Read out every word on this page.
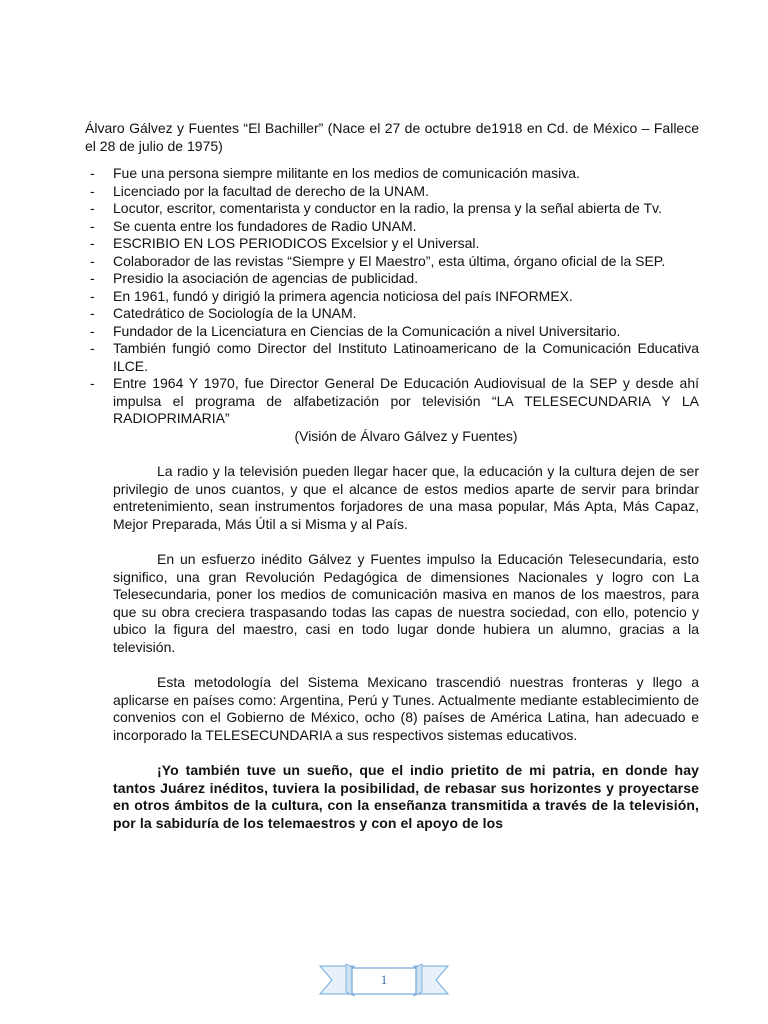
Álvaro Gálvez y Fuentes “El Bachiller” (Nace el 27 de octubre de1918 en Cd. de México – Fallece el 28 de julio de 1975)

- Fue una persona siempre militante en los medios de comunicación masiva.
- Licenciado por la facultad de derecho de la UNAM.
- Locutor, escritor, comentarista y conductor en la radio, la prensa y la señal abierta de Tv.
- Se cuenta entre los fundadores de Radio UNAM.
- ESCRIBIO EN LOS PERIODICOS Excelsior y el Universal.
- Colaborador de las revistas “Siempre y El Maestro”, esta última, órgano oficial de la SEP.
- Presidio la asociación de agencias de publicidad.
- En 1961, fundó y dirigió la primera agencia noticiosa del país INFORMEX.
- Catedrático de Sociología de la UNAM.
- Fundador de la Licenciatura en Ciencias de la Comunicación a nivel Universitario.
- También fungió como Director del Instituto Latinoamericano de la Comunicación Educativa ILCE.
- Entre 1964 Y 1970, fue Director General De Educación Audiovisual de la SEP y desde ahí impulsa el programa de alfabetización por televisión “LA TELESECUNDARIA Y LA RADIOPRIMARIA”

(Visión de Álvaro Gálvez y Fuentes)

La radio y la televisión pueden llegar hacer que, la educación y la cultura dejen de ser privilegio de unos cuantos, y que el alcance de estos medios aparte de servir para brindar entretenimiento, sean instrumentos forjadores de una masa popular, Más Apta, Más Capaz, Mejor Preparada, Más Útil a si Misma y al País.

En un esfuerzo inédito Gálvez y Fuentes impulso la Educación Telesecundaria, esto significo, una gran Revolución Pedagógica de dimensiones Nacionales y logro con La Telesecundaria, poner los medios de comunicación masiva en manos de los maestros, para que su obra creciera traspasando todas las capas de nuestra sociedad, con ello, potencio y ubico la figura del maestro, casi en todo lugar donde hubiera un alumno, gracias a la televisión.

Esta metodología del Sistema Mexicano trascendió nuestras fronteras y llego a aplicarse en países como: Argentina, Perú y Tunes. Actualmente mediante establecimiento de convenios con el Gobierno de México, ocho (8) países de América Latina, han adecuado e incorporado la TELESECUNDARIA a sus respectivos sistemas educativos.

¡Yo también tuve un sueño, que el indio prietito de mi patria, en donde hay tantos Juárez inéditos, tuviera la posibilidad, de rebasar sus horizontes y proyectarse en otros ámbitos de la cultura, con la enseñanza transmitida a través de la televisión, por la sabiduría de los telemaestros y con el apoyo de los

1
